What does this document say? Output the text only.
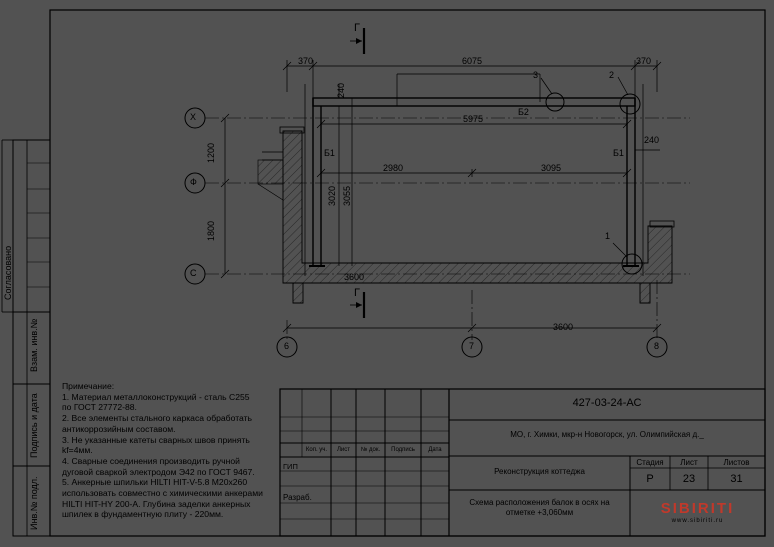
Г
Г
Х
Ф
С
6	7	8
370	6075	370
5975
2980	3095
3600
3600
240
240
3020 3055
1200
1800
Б1	Б1
Б2
1
2
3
Согласовано
Взам. инв.№
Подпись и дата
Инв.№ подл.
Примечание:
1. Материал металлоконструкций - сталь С255
по ГОСТ 27772-88.
2. Все элементы стального каркаса обработать
антикоррозийным составом.
3. Не указанные катеты сварных швов принять
kf=4мм.
4. Сварные соединения производить ручной
дуговой сваркой электродом Э42 по ГОСТ 9467.
5. Анкерные шпильки HILTI HIT-V-5.8 М20х260
использовать совместно с химическими анкерами
HILTI HIT-HY 200-А. Глубина заделки анкерных
шпилек в фундаментную плиту - 220мм.
Коп. уч.	Лист	№ док.	Подпись	Дата
ГИП
Разраб.
427-03-24-АС
МО, г. Химки, мкр-н Новогорск, ул. Олимпийская д._
Реконструкция коттеджа
Схема расположения балок в осях на
отметке +3,060мм
Стадия	Лист	Листов
Р	23	31
SIBIRITI
www.sibiriti.ru
